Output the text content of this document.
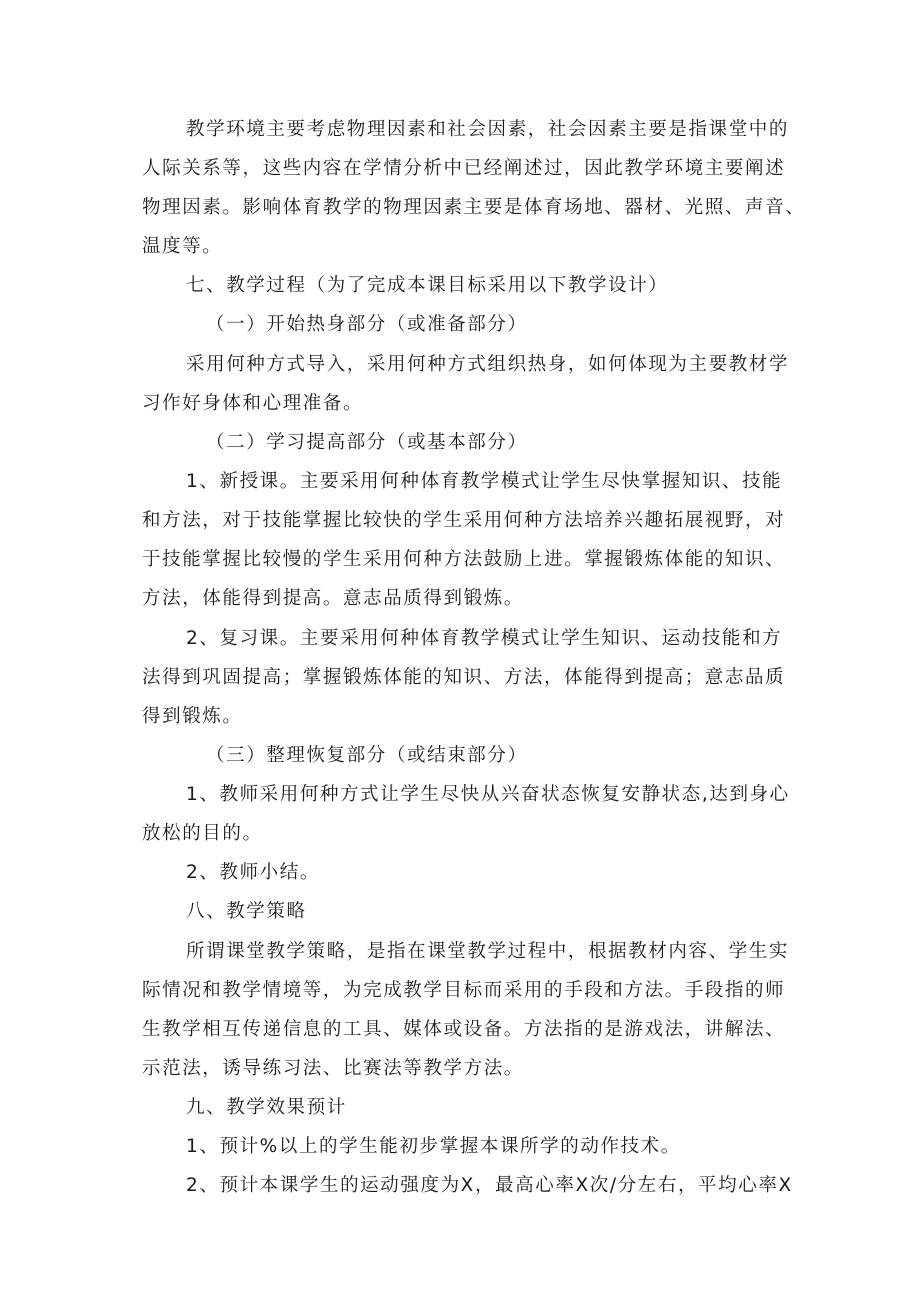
教学环境主要考虑物理因素和社会因素，社会因素主要是指课堂中的
人际关系等，这些内容在学情分析中已经阐述过，因此教学环境主要阐述
物理因素。影响体育教学的物理因素主要是体育场地、器材、光照、声音、
温度等。
七、教学过程（为了完成本课目标采用以下教学设计）
（一）开始热身部分（或准备部分）
采用何种方式导入，采用何种方式组织热身，如何体现为主要教材学
习作好身体和心理准备。
（二）学习提高部分（或基本部分）
1、新授课。主要采用何种体育教学模式让学生尽快掌握知识、技能
和方法，对于技能掌握比较快的学生采用何种方法培养兴趣拓展视野，对
于技能掌握比较慢的学生采用何种方法鼓励上进。掌握锻炼体能的知识、
方法，体能得到提高。意志品质得到锻炼。
2、复习课。主要采用何种体育教学模式让学生知识、运动技能和方
法得到巩固提高；掌握锻炼体能的知识、方法，体能得到提高；意志品质
得到锻炼。
（三）整理恢复部分（或结束部分）
1、教师采用何种方式让学生尽快从兴奋状态恢复安静状态,达到身心
放松的目的。
2、教师小结。
八、教学策略
所谓课堂教学策略，是指在课堂教学过程中，根据教材内容、学生实
际情况和教学情境等，为完成教学目标而采用的手段和方法。手段指的师
生教学相互传递信息的工具、媒体或设备。方法指的是游戏法，讲解法、
示范法，诱导练习法、比赛法等教学方法。
九、教学效果预计
1、预计%以上的学生能初步掌握本课所学的动作技术。
2、预计本课学生的运动强度为X，最高心率X次/分左右，平均心率X
